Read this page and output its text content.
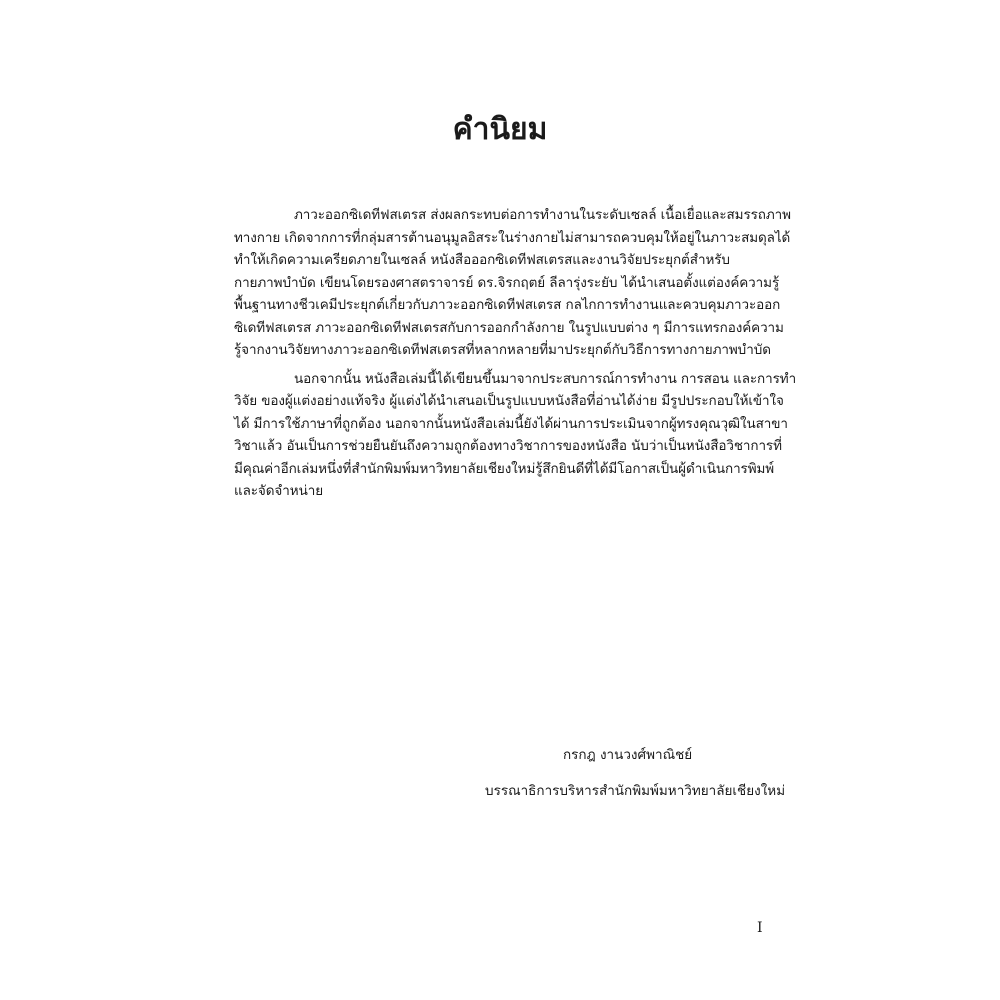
คำนิยม
ภาวะออกซิเดทีฟสเตรส ส่งผลกระทบต่อการทำงานในระดับเซลล์ เนื้อเยื่อและสมรรถภาพ
ทางกาย เกิดจากการที่กลุ่มสารต้านอนุมูลอิสระในร่างกายไม่สามารถควบคุมให้อยู่ในภาวะสมดุลได้
ทำให้เกิดความเครียดภายในเซลล์ หนังสือออกซิเดทีฟสเตรสและงานวิจัยประยุกต์สำหรับ
กายภาพบำบัด เขียนโดยรองศาสตราจารย์ ดร.จิรกฤตย์ ลีลารุ่งระยับ ได้นำเสนอตั้งแต่องค์ความรู้
พื้นฐานทางชีวเคมีประยุกต์เกี่ยวกับภาวะออกซิเดทีฟสเตรส กลไกการทำงานและควบคุมภาวะออก
ซิเดทีฟสเตรส ภาวะออกซิเดทีฟสเตรสกับการออกกำลังกาย ในรูปแบบต่าง ๆ มีการแทรกองค์ความ
รู้จากงานวิจัยทางภาวะออกซิเดทีฟสเตรสที่หลากหลายที่มาประยุกต์กับวิธีการทางกายภาพบำบัด
นอกจากนั้น หนังสือเล่มนี้ได้เขียนขึ้นมาจากประสบการณ์การทำงาน การสอน และการทำ
วิจัย ของผู้แต่งอย่างแท้จริง ผู้แต่งได้นำเสนอเป็นรูปแบบหนังสือที่อ่านได้ง่าย มีรูปประกอบให้เข้าใจ
ได้ มีการใช้ภาษาที่ถูกต้อง นอกจากนั้นหนังสือเล่มนี้ยังได้ผ่านการประเมินจากผู้ทรงคุณวุฒิในสาขา
วิชาแล้ว อันเป็นการช่วยยืนยันถึงความถูกต้องทางวิชาการของหนังสือ นับว่าเป็นหนังสือวิชาการที่
มีคุณค่าอีกเล่มหนึ่งที่สำนักพิมพ์มหาวิทยาลัยเชียงใหม่รู้สึกยินดีที่ได้มีโอกาสเป็นผู้ดำเนินการพิมพ์
และจัดจำหน่าย
กรกฎ งานวงศ์พาณิชย์
บรรณาธิการบริหารสำนักพิมพ์มหาวิทยาลัยเชียงใหม่
I
